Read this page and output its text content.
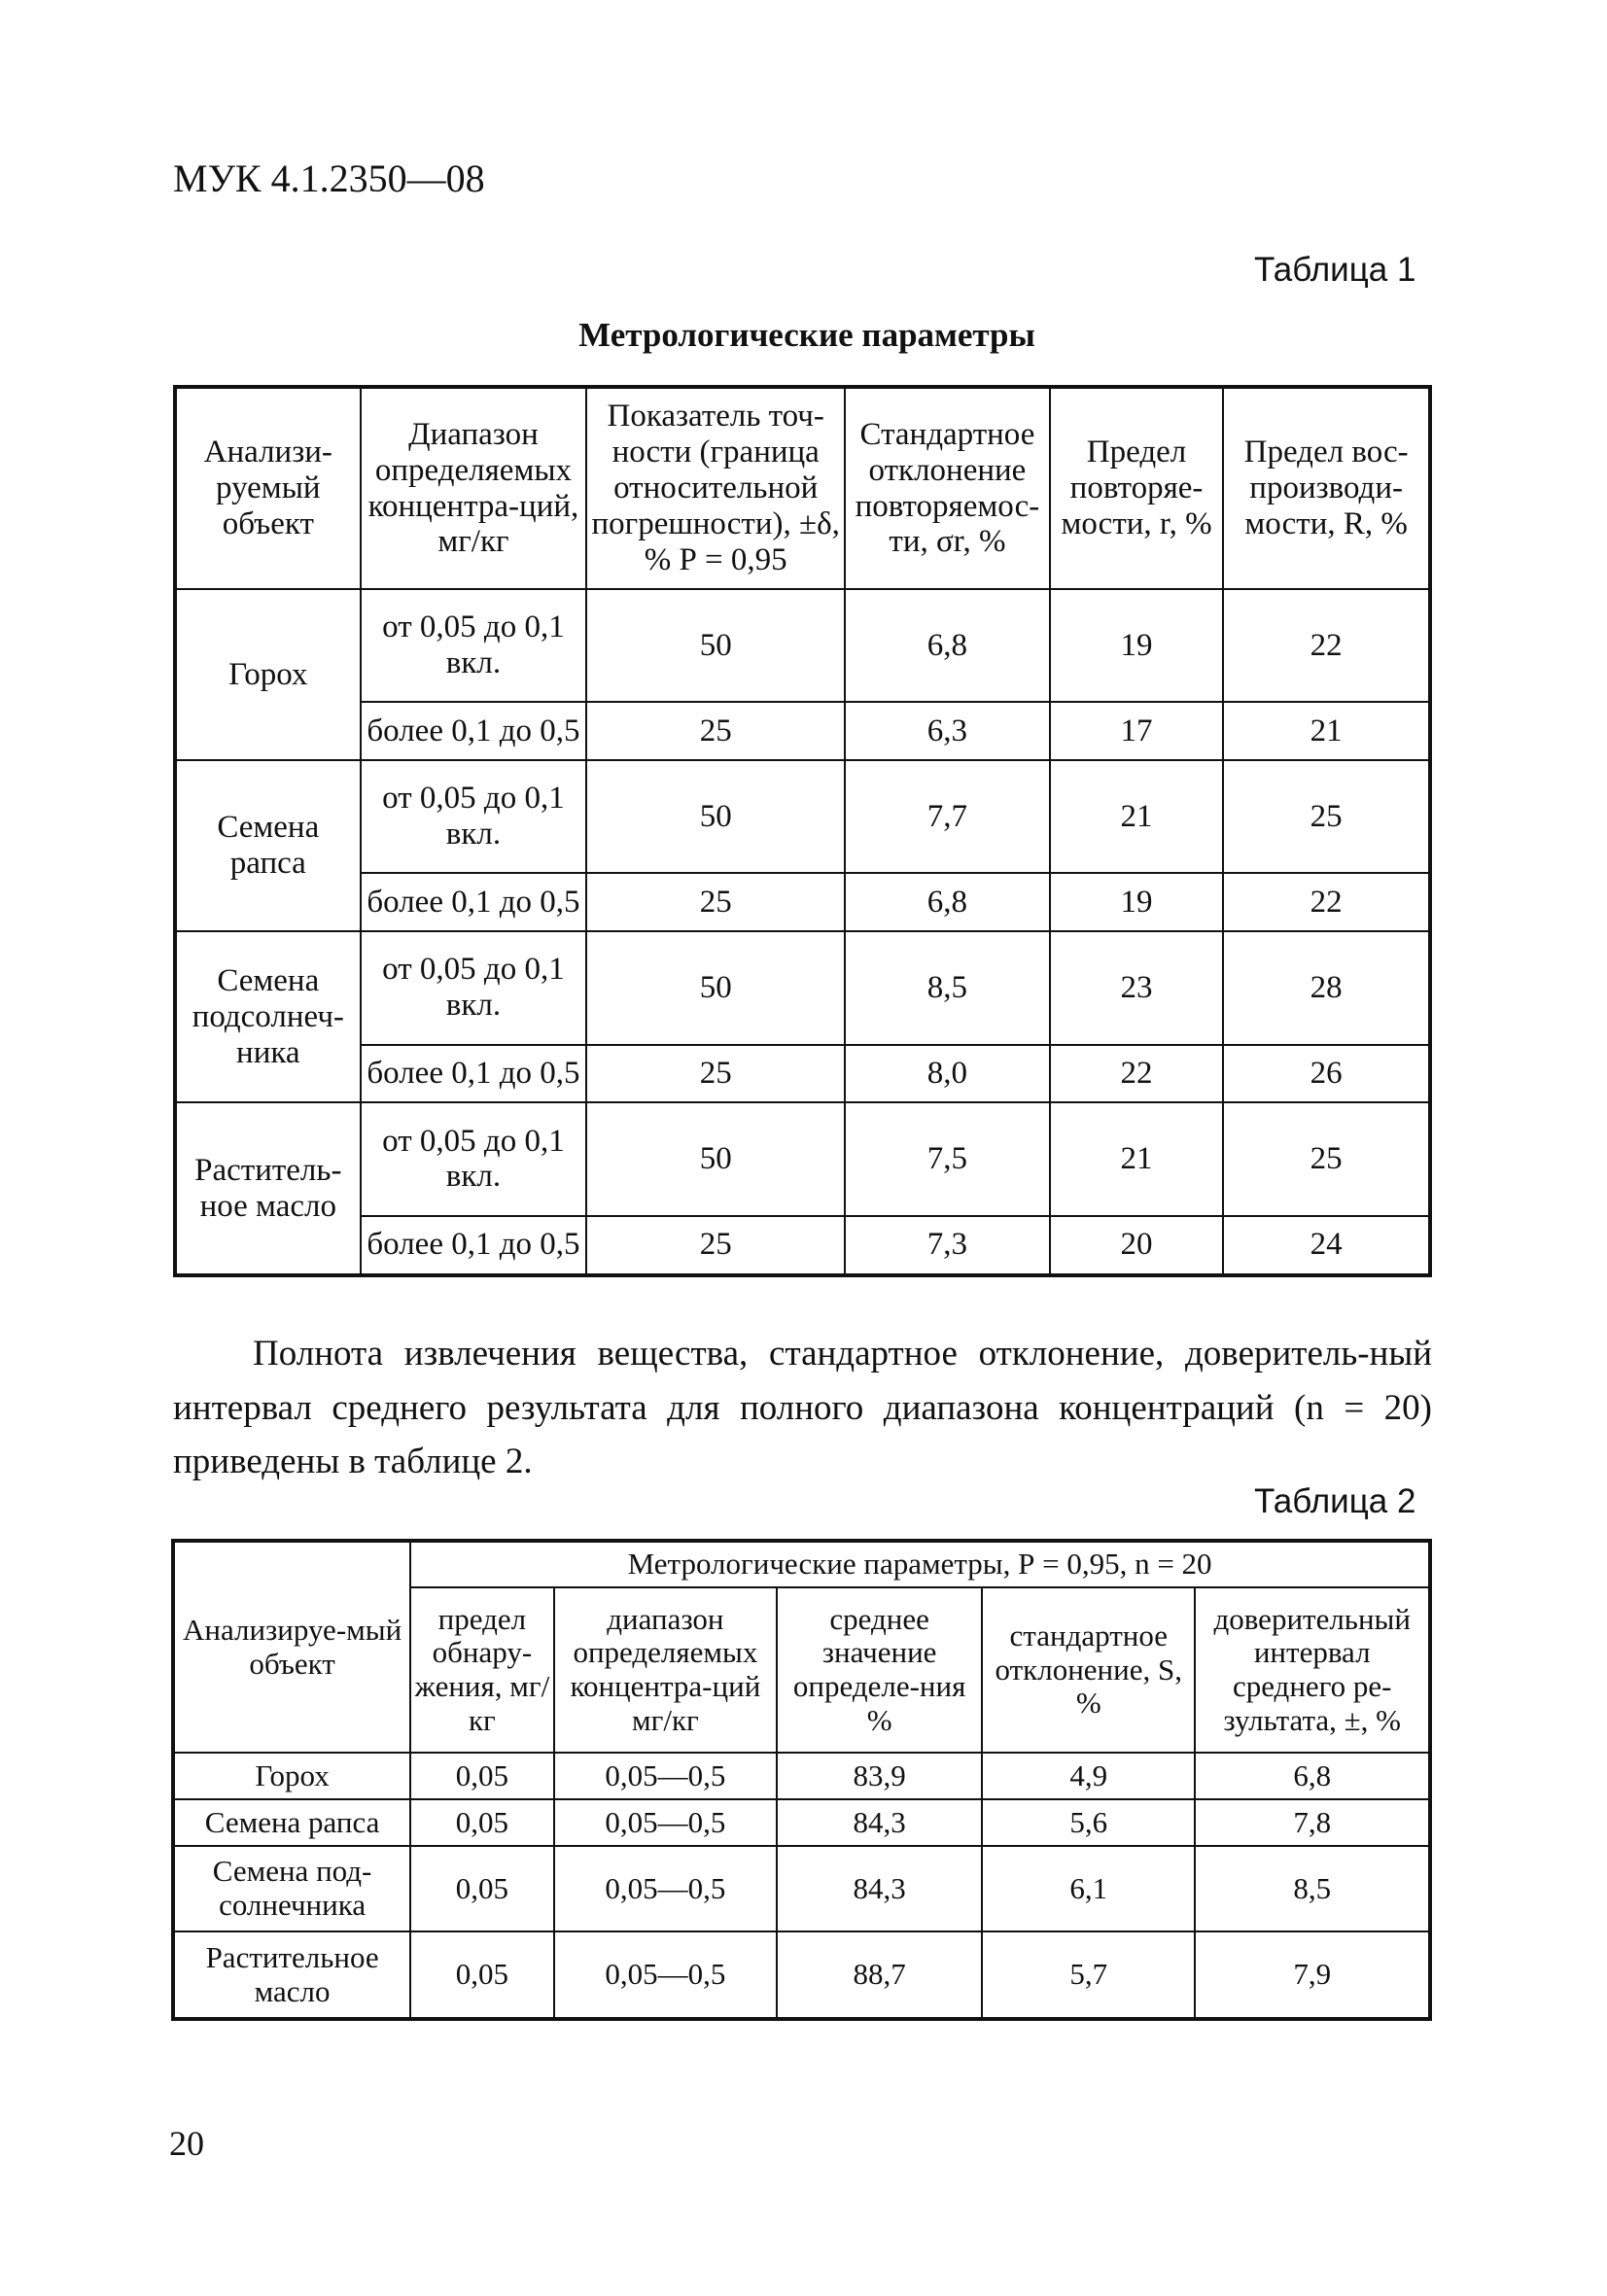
МУК 4.1.2350—08
Таблица 1
Метрологические параметры
Анализи-руемый объект	Диапазон определяемых концентра-ций, мг/кг	Показатель точ-ности (граница относительной погрешности), ±δ, % Р = 0,95	Стандартное отклонение повторяемос-ти, σr, %	Предел повторяе-мости, r, %	Предел вос-производи-мости, R, %
Горох	от 0,05 до 0,1 вкл.	50	6,8	19	22
	более 0,1 до 0,5	25	6,3	17	21
Семена рапса	от 0,05 до 0,1 вкл.	50	7,7	21	25
	более 0,1 до 0,5	25	6,8	19	22
Семена подсолнеч-ника	от 0,05 до 0,1 вкл.	50	8,5	23	28
	более 0,1 до 0,5	25	8,0	22	26
Раститель-ное масло	от 0,05 до 0,1 вкл.	50	7,5	21	25
	более 0,1 до 0,5	25	7,3	20	24
Полнота извлечения вещества, стандартное отклонение, доверитель-ный интервал среднего результата для полного диапазона концентраций (n = 20) приведены в таблице 2.
Таблица 2
Анализируе-мый объект	Метрологические параметры, Р = 0,95, n = 20				
	предел обнару-жения, мг/кг	диапазон определяемых концентра-ций мг/кг	среднее значение определе-ния %	стандартное отклонение, S, %	доверительный интервал среднего ре-зультата, ±, %
Горох	0,05	0,05—0,5	83,9	4,9	6,8
Семена рапса	0,05	0,05—0,5	84,3	5,6	7,8
Семена под-солнечника	0,05	0,05—0,5	84,3	6,1	8,5
Растительное масло	0,05	0,05—0,5	88,7	5,7	7,9
20
